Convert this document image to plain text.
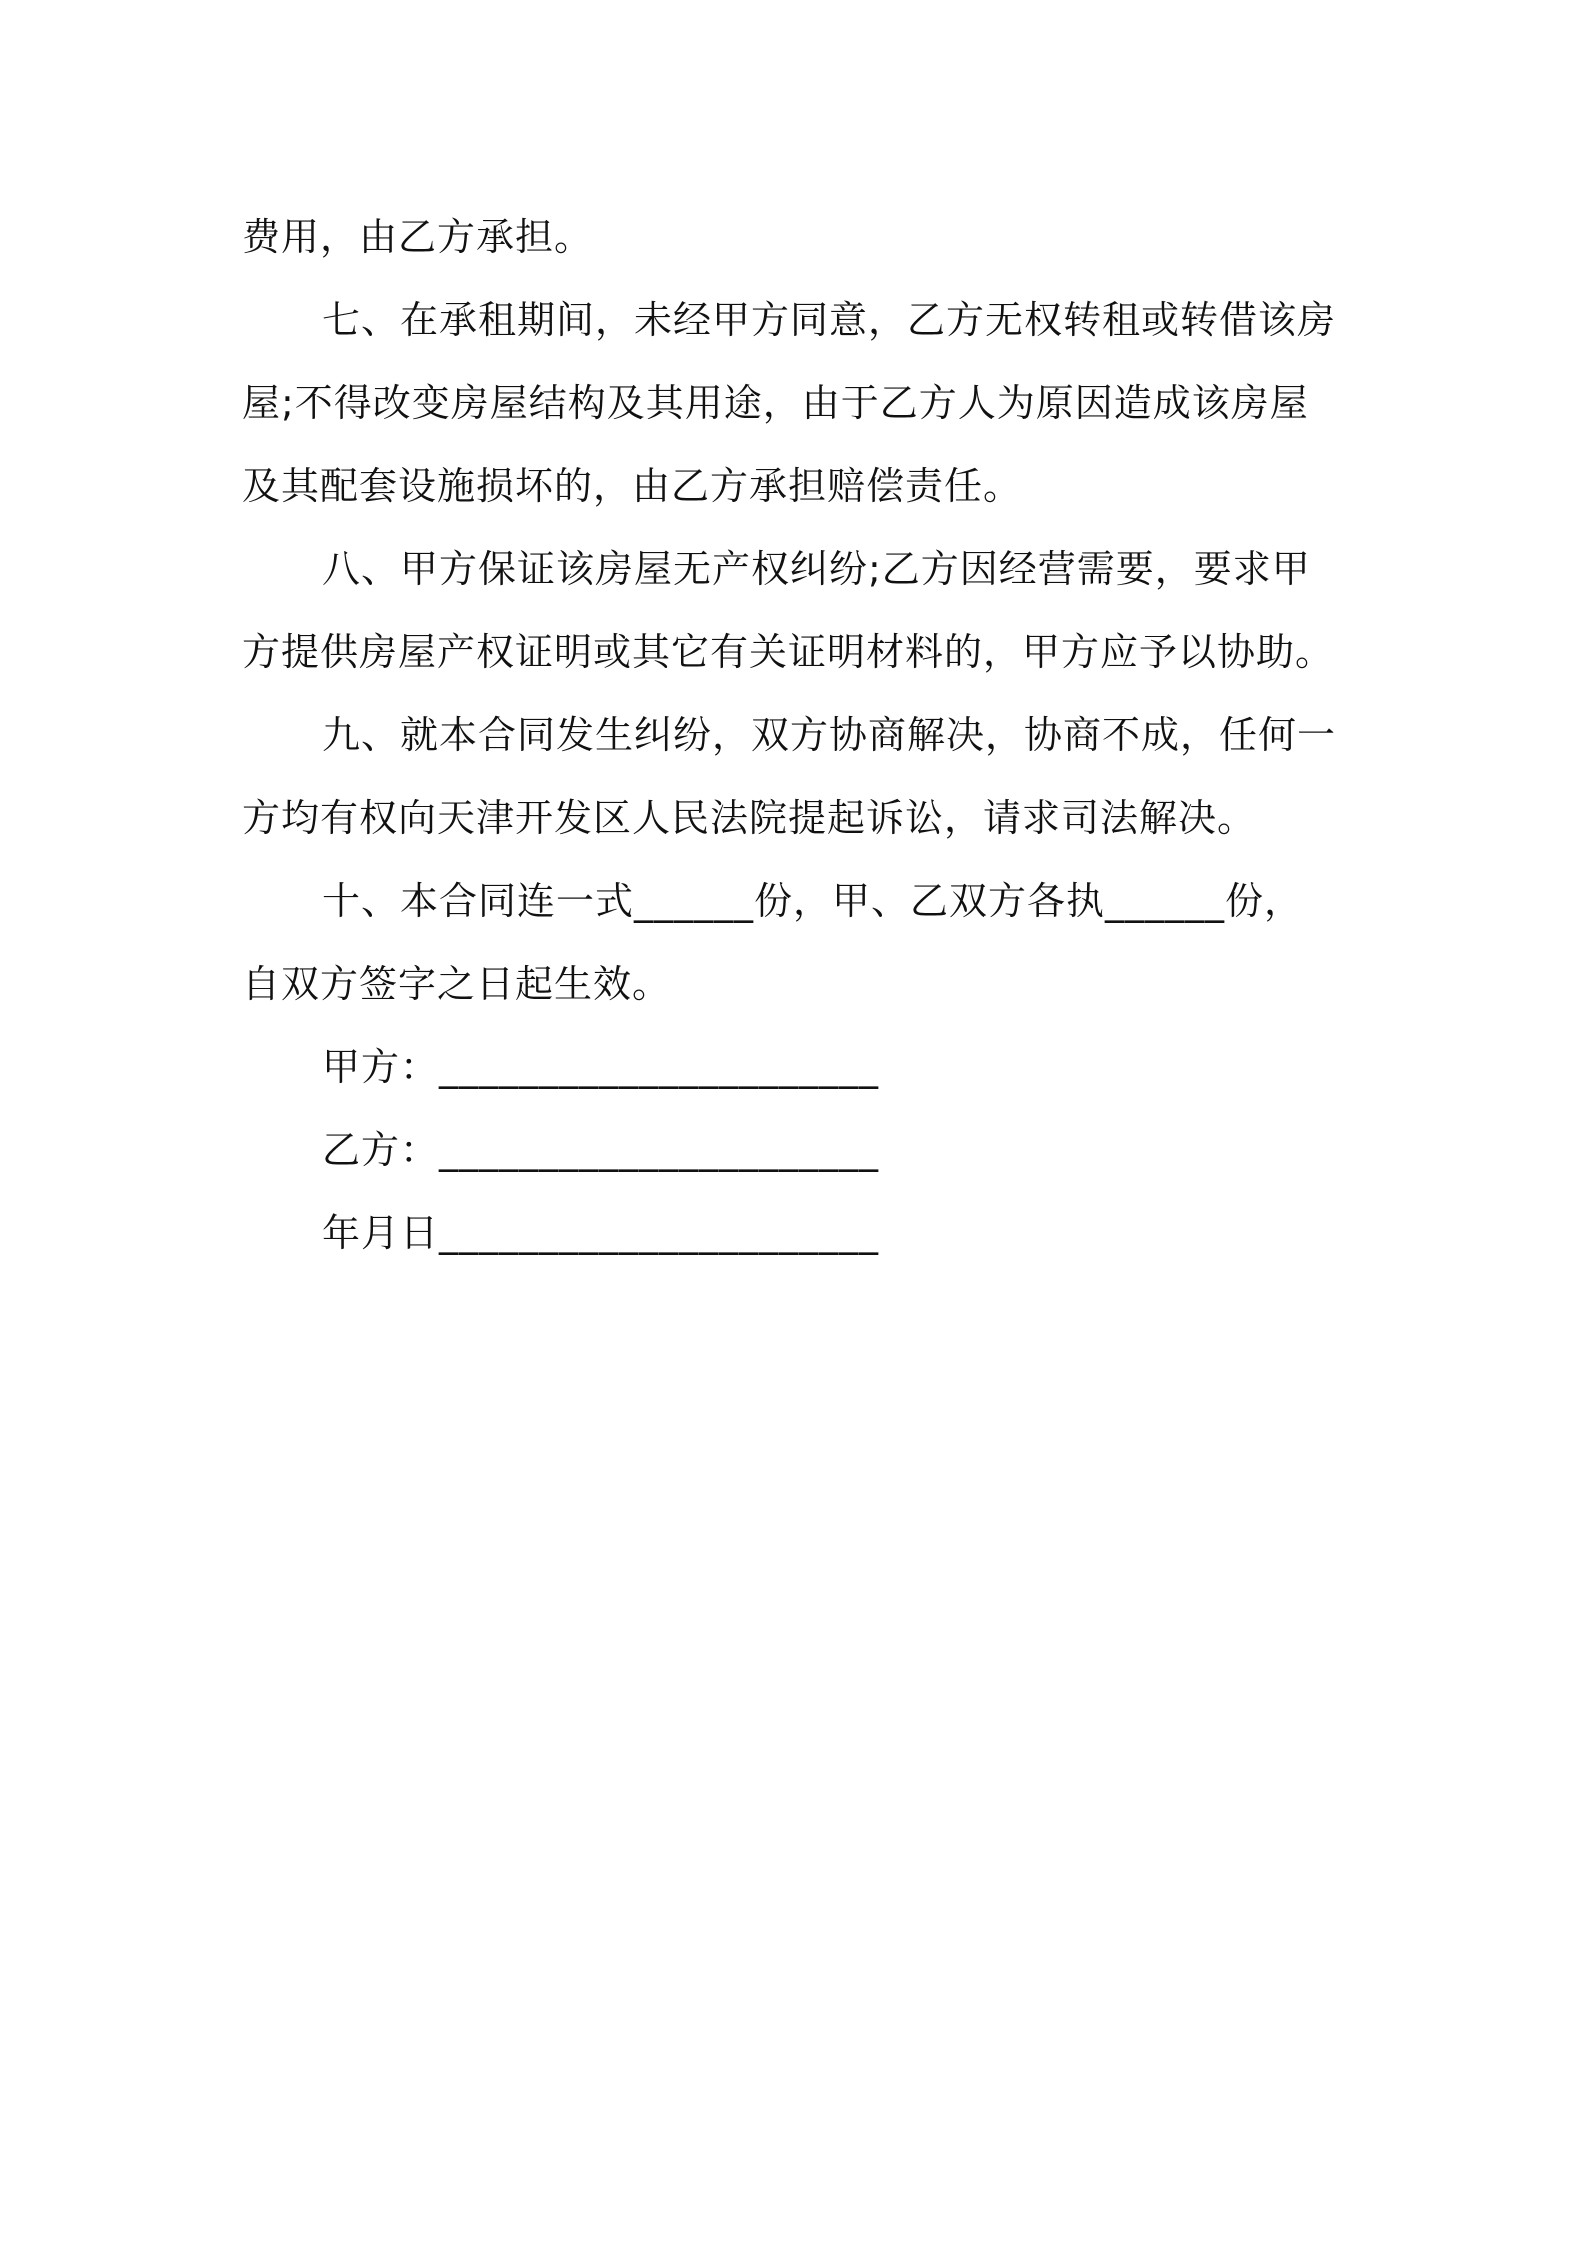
费用，由乙方承担。
七、在承租期间，未经甲方同意，乙方无权转租或转借该房
屋;不得改变房屋结构及其用途，由于乙方人为原因造成该房屋
及其配套设施损坏的，由乙方承担赔偿责任。
八、甲方保证该房屋无产权纠纷;乙方因经营需要，要求甲
方提供房屋产权证明或其它有关证明材料的，甲方应予以协助。
九、就本合同发生纠纷，双方协商解决，协商不成，任何一
方均有权向天津开发区人民法院提起诉讼，请求司法解决。
十、本合同连一式______份，甲、乙双方各执______份，
自双方签字之日起生效。
甲方：______________________
乙方：______________________
年月日______________________
